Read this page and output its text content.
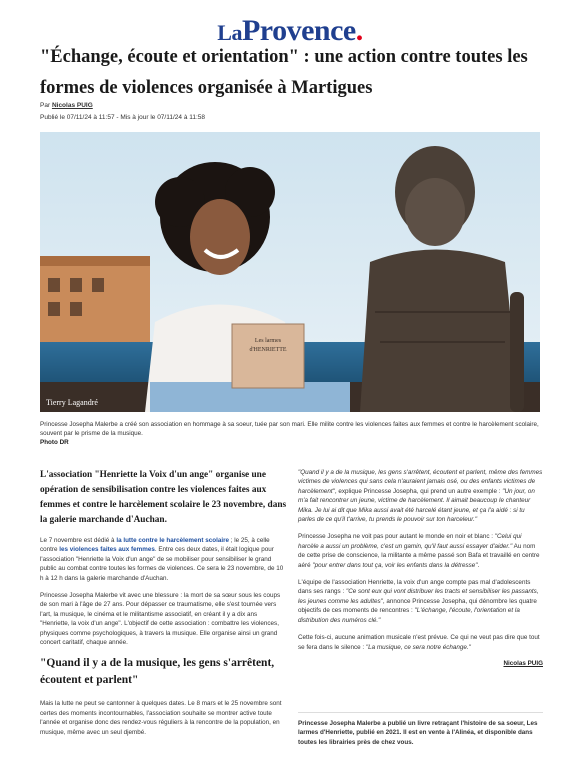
LaProvence.
"Échange, écoute et orientation" : une action contre toutes les formes de violences organisée à Martigues
Par Nicolas PUIG
Publié le 07/11/24 à 11:57 - Mis à jour le 07/11/24 à 11:58
Les larmes
d'HENRIETTE
Tierry Lagandré
Princesse Josepha Malerbe a créé son association en hommage à sa soeur, tuée par son mari. Elle milite contre les violences faites aux femmes et contre le harcèlement scolaire, souvent par le prisme de la musique.
Photo DR

L'association "Henriette la Voix d'un ange" organise une opération de sensibilisation contre les violences faites aux femmes et contre le harcèlement scolaire le 23 novembre, dans la galerie marchande d'Auchan.

Le 7 novembre est dédié à la lutte contre le harcèlement scolaire ; le 25, à celle contre les violences faites aux femmes. Entre ces deux dates, il était logique pour l'association "Henriette la Voix d'un ange" de se mobiliser pour sensibiliser le grand public au combat contre toutes les formes de violences. Ce sera le 23 novembre, de 10 h à 12 h dans la galerie marchande d'Auchan.

Princesse Josepha Malerbe vit avec une blessure : la mort de sa sœur sous les coups de son mari à l'âge de 27 ans. Pour dépasser ce traumatisme, elle s'est tournée vers l'art, la musique, le cinéma et le militantisme associatif, en créant il y a dix ans "Henriette, la voix d'un ange". L'objectif de cette association : combattre les violences, physiques comme psychologiques, à travers la musique. Elle organise ainsi un grand concert caritatif, chaque année.

"Quand il y a de la musique, les gens s'arrêtent, écoutent et parlent"

Mais la lutte ne peut se cantonner à quelques dates. Le 8 mars et le 25 novembre sont certes des moments incontournables, l'association souhaite se montrer active toute l'année et organise donc des rendez-vous réguliers à la rencontre de la population, en musique, même avec un seul djembé.

"Quand il y a de la musique, les gens s'arrêtent, écoutent et parlent, même des femmes victimes de violences qui sans cela n'auraient jamais osé, ou des enfants victimes de harcèlement", explique Princesse Josepha, qui prend un autre exemple : "Un jour, on m'a fait rencontrer un jeune, victime de harcèlement. Il aimait beaucoup le chanteur Mika. Je lui ai dit que Mika aussi avait été harcelé étant jeune, et ça l'a aidé : si tu parles de ce qu'il t'arrive, tu prends le pouvoir sur ton harceleur."

Princesse Josepha ne voit pas pour autant le monde en noir et blanc : "Celui qui harcèle a aussi un problème, c'est un gamin, qu'il faut aussi essayer d'aider." Au nom de cette prise de conscience, la militante a même passé son Bafa et travaillé en centre aéré "pour entrer dans tout ça, voir les enfants dans la détresse".

L'équipe de l'association Henriette, la voix d'un ange compte pas mal d'adolescents dans ses rangs : "Ce sont eux qui vont distribuer les tracts et sensibiliser les passants, les jeunes comme les adultes", annonce Princesse Josepha, qui dénombre les quatre objectifs de ces moments de rencontres : "L'échange, l'écoute, l'orientation et la distribution des numéros clé."

Cette fois-ci, aucune animation musicale n'est prévue. Ce qui ne veut pas dire que tout se fera dans le silence : "La musique, ce sera notre échange."

Nicolas PUIG
Princesse Josepha Malerbe a publié un livre retraçant l'histoire de sa soeur, Les larmes d'Henriette, publié en 2021. Il est en vente à l'Alinéa, et disponible dans toutes les librairies près de chez vous.
